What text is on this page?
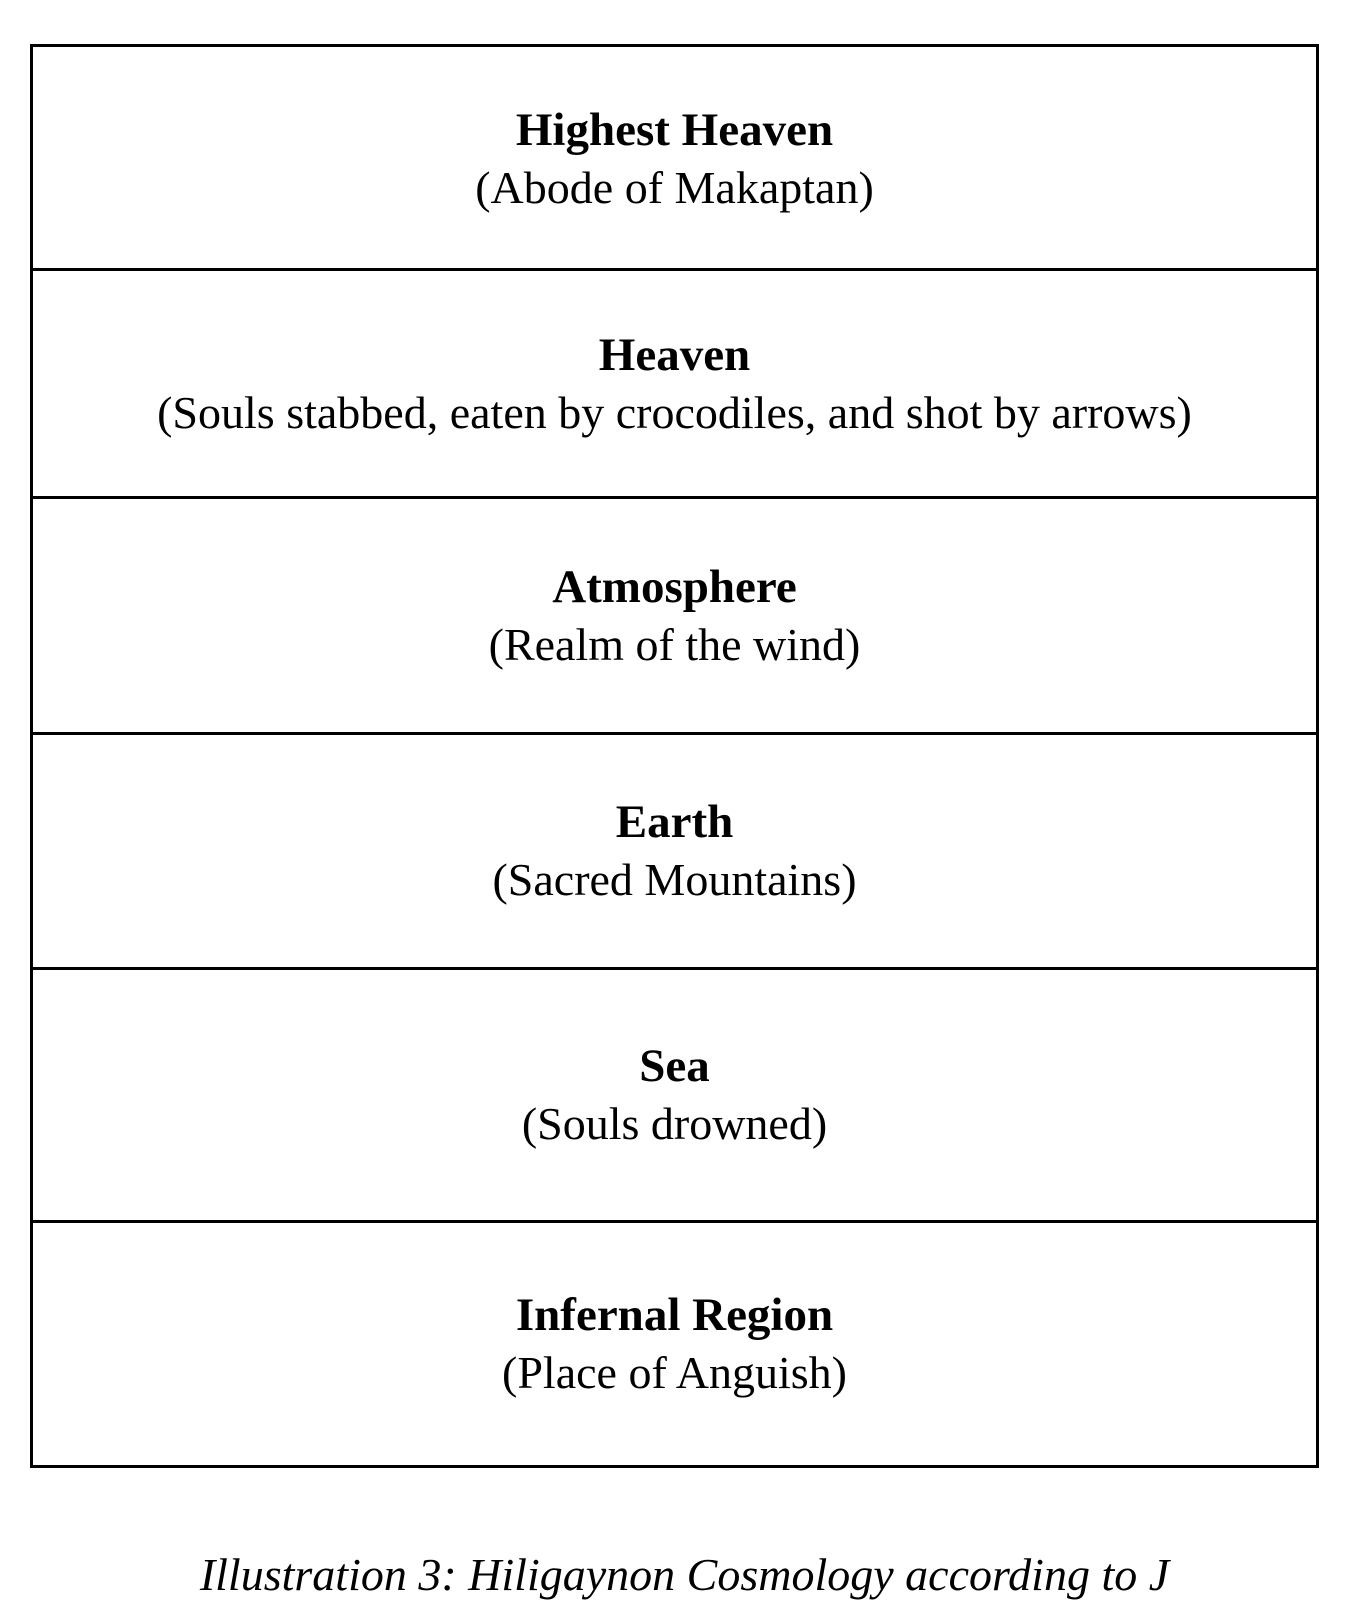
Highest Heaven
(Abode of Makaptan)
Heaven
(Souls stabbed, eaten by crocodiles, and shot by arrows)
Atmosphere
(Realm of the wind)
Earth
(Sacred Mountains)
Sea
(Souls drowned)
Infernal Region
(Place of Anguish)
Illustration 3: Hiligaynon Cosmology according to J
